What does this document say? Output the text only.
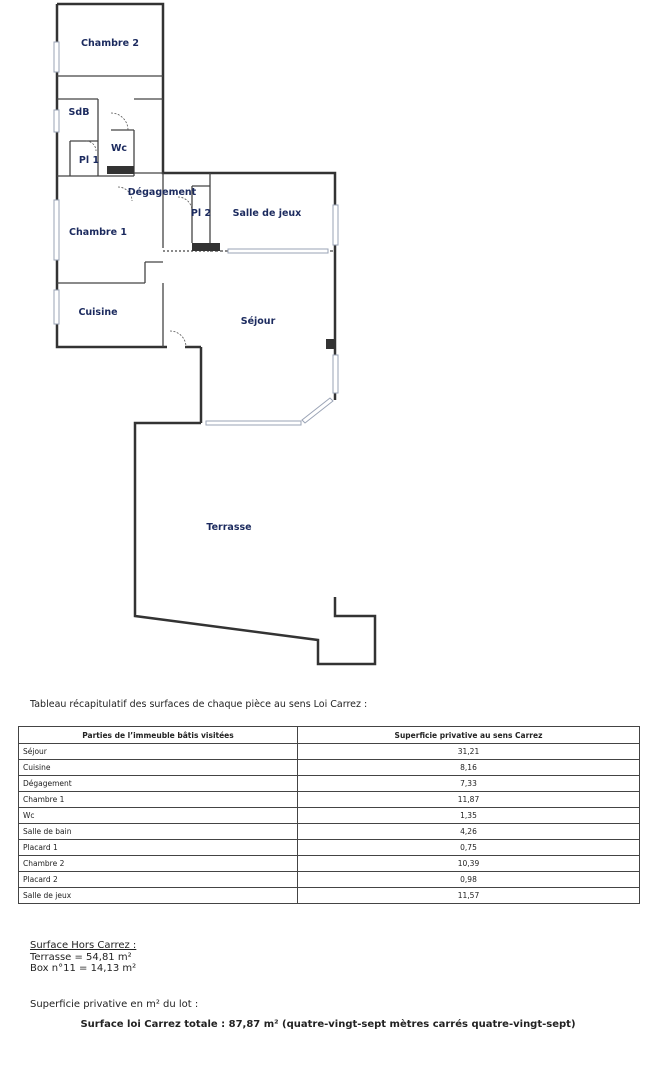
Chambre 2
SdB
Wc
Pl 1
Dégagement
Pl 2 Salle de jeux
Chambre 1
Cuisine
Séjour
Terrasse
Tableau récapitulatif des surfaces de chaque pièce au sens Loi Carrez :
Parties de l’immeuble bâtis visitées	Superficie privative au sens Carrez
Séjour	31,21
Cuisine	8,16
Dégagement	7,33
Chambre 1	11,87
Wc	1,35
Salle de bain	4,26
Placard 1	0,75
Chambre 2	10,39
Placard 2	0,98
Salle de jeux	11,57
Surface Hors Carrez :
Terrasse = 54,81 m²
Box n°11 = 14,13 m²
Superficie privative en m² du lot :
Surface loi Carrez totale : 87,87 m² (quatre-vingt-sept mètres carrés quatre-vingt-sept)
